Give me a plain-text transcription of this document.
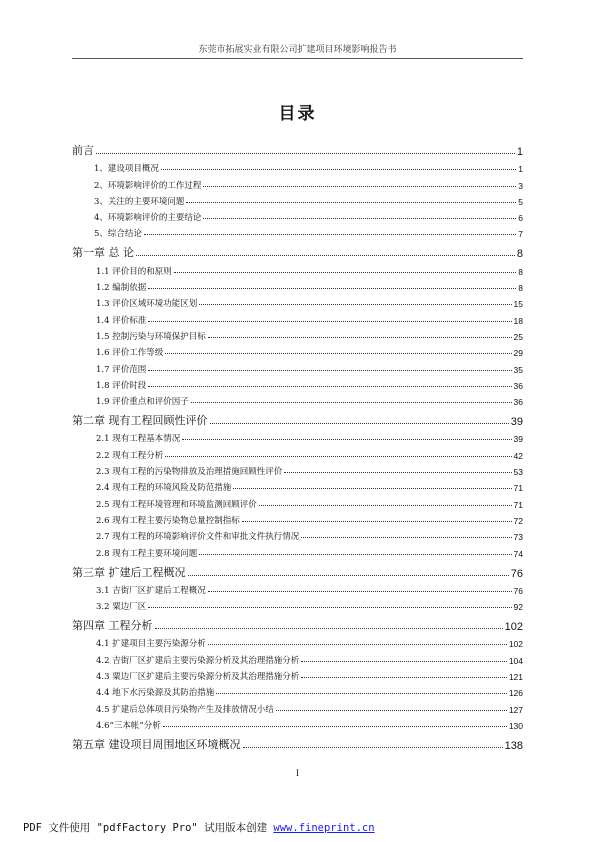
东莞市拓展实业有限公司扩建项目环境影响报告书
目录
前言	1
1、建设项目概况	1
2、环境影响评价的工作过程	3
3、关注的主要环境问题	5
4、环境影响评价的主要结论	6
5、综合结论	7
第一章 总 论	8
1.1 评价目的和原则	8
1.2 编制依据	8
1.3 评价区域环境功能区划	15
1.4 评价标准	18
1.5 控制污染与环境保护目标	25
1.6 评价工作等级	29
1.7 评价范围	35
1.8 评价时段	36
1.9 评价重点和评价因子	36
第二章 现有工程回顾性评价	39
2.1 现有工程基本情况	39
2.2 现有工程分析	42
2.3 现有工程的污染物排放及治理措施回顾性评价	53
2.4 现有工程的环境风险及防范措施	71
2.5 现有工程环境管理和环境监测回顾评价	71
2.6 现有工程主要污染物总量控制指标	72
2.7 现有工程的环境影响评价文件和审批文件执行情况	73
2.8 现有工程主要环境问题	74
第三章 扩建后工程概况	76
3.1 吉街厂区扩建后工程概况	76
3.2 粟边厂区	92
第四章 工程分析	102
4.1 扩建项目主要污染源分析	102
4.2 吉街厂区扩建后主要污染源分析及其治理措施分析	104
4.3 粟边厂区扩建后主要污染源分析及其治理措施分析	121
4.4 地下水污染源及其防治措施	126
4.5 扩建后总体项目污染物产生及排放情况小结	127
4.6“三本帐”分析	130
第五章 建设项目周围地区环境概况	138
I
PDF 文件使用 "pdfFactory Pro" 试用版本创建 www.fineprint.cn
